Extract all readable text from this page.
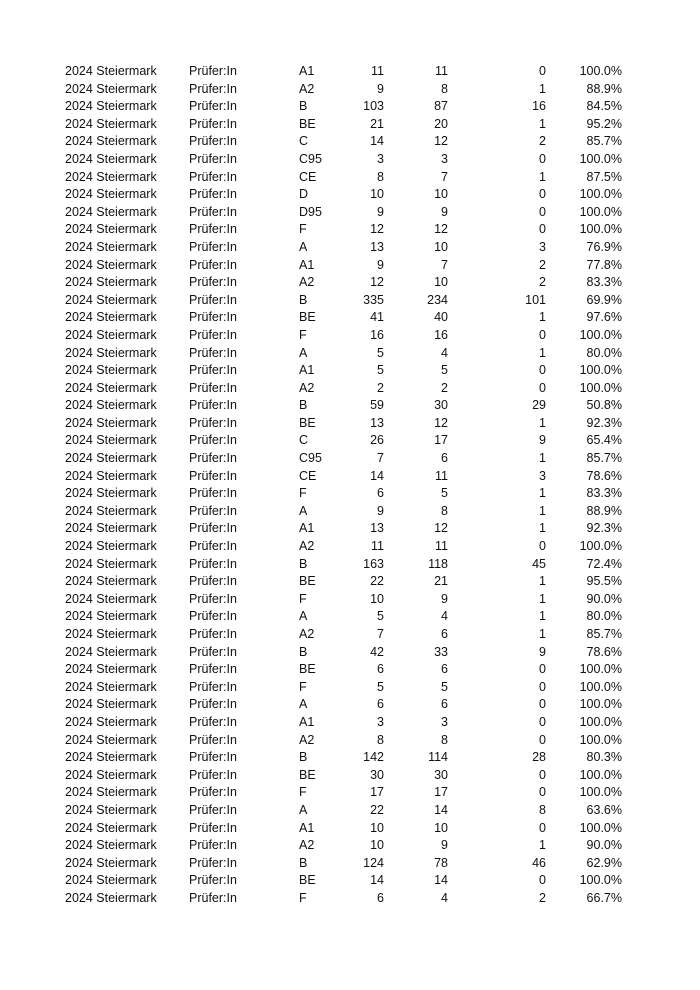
2024 Steiermark	Prüfer:In	A1	11	11	0	100.0%
2024 Steiermark	Prüfer:In	A2	9	8	1	88.9%
2024 Steiermark	Prüfer:In	B	103	87	16	84.5%
2024 Steiermark	Prüfer:In	BE	21	20	1	95.2%
2024 Steiermark	Prüfer:In	C	14	12	2	85.7%
2024 Steiermark	Prüfer:In	C95	3	3	0	100.0%
2024 Steiermark	Prüfer:In	CE	8	7	1	87.5%
2024 Steiermark	Prüfer:In	D	10	10	0	100.0%
2024 Steiermark	Prüfer:In	D95	9	9	0	100.0%
2024 Steiermark	Prüfer:In	F	12	12	0	100.0%
2024 Steiermark	Prüfer:In	A	13	10	3	76.9%
2024 Steiermark	Prüfer:In	A1	9	7	2	77.8%
2024 Steiermark	Prüfer:In	A2	12	10	2	83.3%
2024 Steiermark	Prüfer:In	B	335	234	101	69.9%
2024 Steiermark	Prüfer:In	BE	41	40	1	97.6%
2024 Steiermark	Prüfer:In	F	16	16	0	100.0%
2024 Steiermark	Prüfer:In	A	5	4	1	80.0%
2024 Steiermark	Prüfer:In	A1	5	5	0	100.0%
2024 Steiermark	Prüfer:In	A2	2	2	0	100.0%
2024 Steiermark	Prüfer:In	B	59	30	29	50.8%
2024 Steiermark	Prüfer:In	BE	13	12	1	92.3%
2024 Steiermark	Prüfer:In	C	26	17	9	65.4%
2024 Steiermark	Prüfer:In	C95	7	6	1	85.7%
2024 Steiermark	Prüfer:In	CE	14	11	3	78.6%
2024 Steiermark	Prüfer:In	F	6	5	1	83.3%
2024 Steiermark	Prüfer:In	A	9	8	1	88.9%
2024 Steiermark	Prüfer:In	A1	13	12	1	92.3%
2024 Steiermark	Prüfer:In	A2	11	11	0	100.0%
2024 Steiermark	Prüfer:In	B	163	118	45	72.4%
2024 Steiermark	Prüfer:In	BE	22	21	1	95.5%
2024 Steiermark	Prüfer:In	F	10	9	1	90.0%
2024 Steiermark	Prüfer:In	A	5	4	1	80.0%
2024 Steiermark	Prüfer:In	A2	7	6	1	85.7%
2024 Steiermark	Prüfer:In	B	42	33	9	78.6%
2024 Steiermark	Prüfer:In	BE	6	6	0	100.0%
2024 Steiermark	Prüfer:In	F	5	5	0	100.0%
2024 Steiermark	Prüfer:In	A	6	6	0	100.0%
2024 Steiermark	Prüfer:In	A1	3	3	0	100.0%
2024 Steiermark	Prüfer:In	A2	8	8	0	100.0%
2024 Steiermark	Prüfer:In	B	142	114	28	80.3%
2024 Steiermark	Prüfer:In	BE	30	30	0	100.0%
2024 Steiermark	Prüfer:In	F	17	17	0	100.0%
2024 Steiermark	Prüfer:In	A	22	14	8	63.6%
2024 Steiermark	Prüfer:In	A1	10	10	0	100.0%
2024 Steiermark	Prüfer:In	A2	10	9	1	90.0%
2024 Steiermark	Prüfer:In	B	124	78	46	62.9%
2024 Steiermark	Prüfer:In	BE	14	14	0	100.0%
2024 Steiermark	Prüfer:In	F	6	4	2	66.7%
